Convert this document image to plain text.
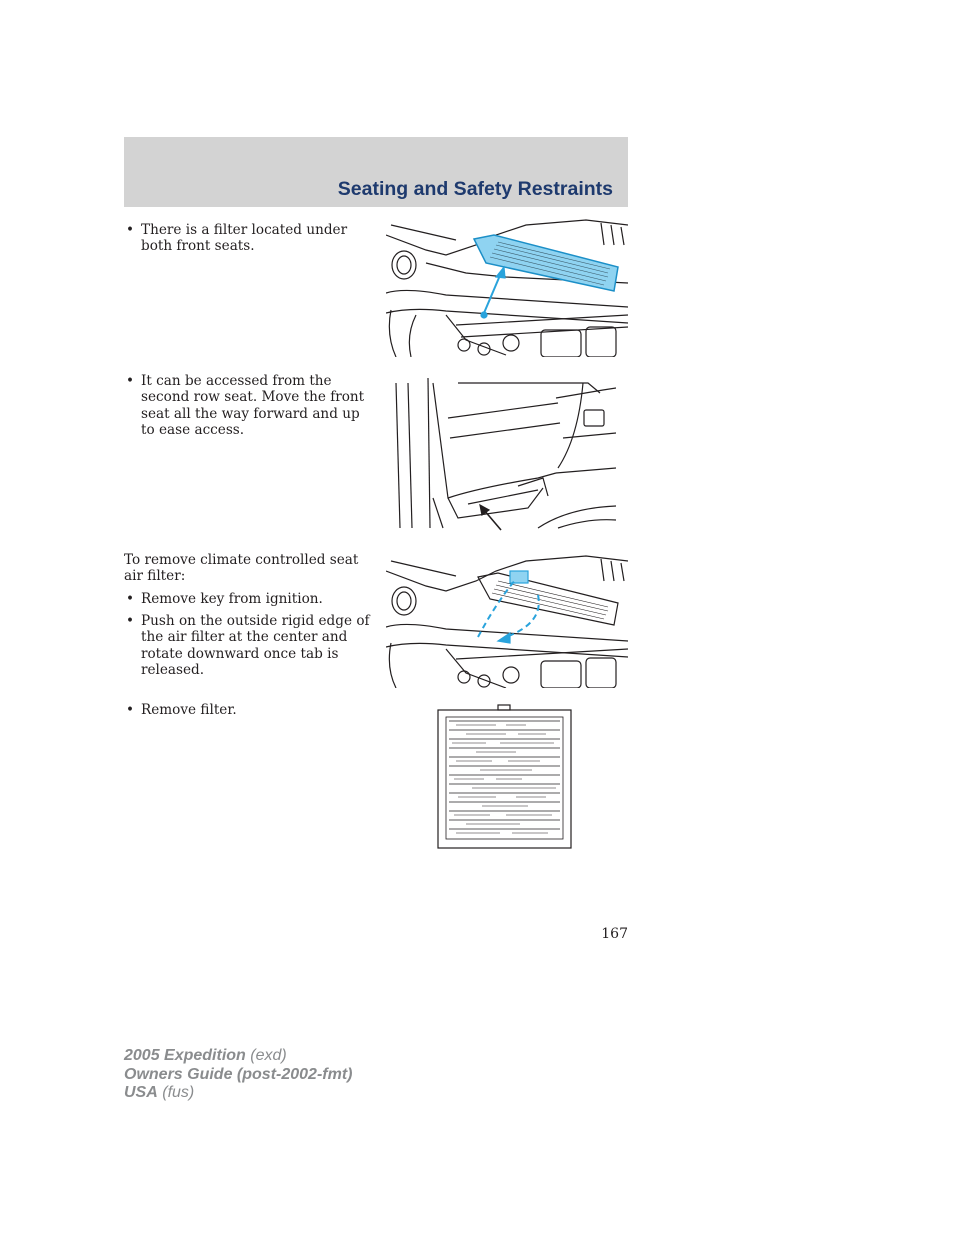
Seating and Safety Restraints
• There is a filter located under both front seats.
• It can be accessed from the second row seat. Move the front seat all the way forward and up to ease access.
To remove climate controlled seat air filter:
• Remove key from ignition.
• Push on the outside rigid edge of the air filter at the center and rotate downward once tab is released.
• Remove filter.
167
2005 Expedition (exd)
Owners Guide (post-2002-fmt)
USA (fus)
